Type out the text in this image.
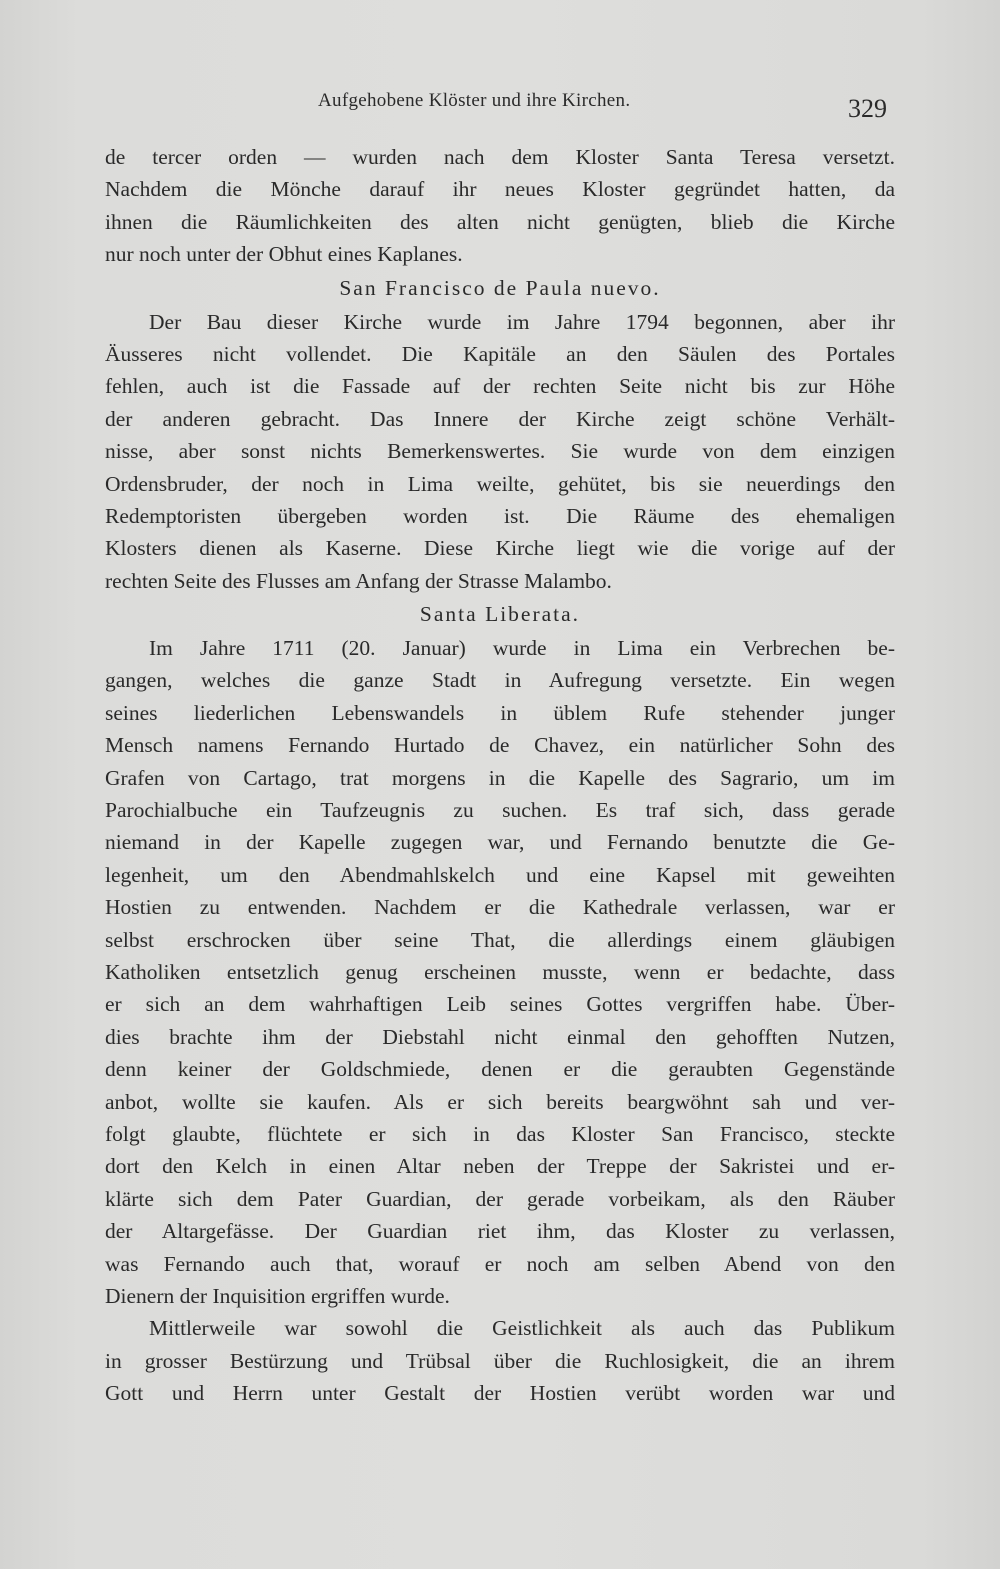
Aufgehobene Klöster und ihre Kirchen.	329
de tercer orden — wurden nach dem Kloster Santa Teresa versetzt.
Nachdem die Mönche darauf ihr neues Kloster gegründet hatten, da
ihnen die Räumlichkeiten des alten nicht genügten, blieb die Kirche
nur noch unter der Obhut eines Kaplanes.
San Francisco de Paula nuevo.
Der Bau dieser Kirche wurde im Jahre 1794 begonnen, aber ihr
Äusseres nicht vollendet. Die Kapitäle an den Säulen des Portales
fehlen, auch ist die Fassade auf der rechten Seite nicht bis zur Höhe
der anderen gebracht. Das Innere der Kirche zeigt schöne Verhält-
nisse, aber sonst nichts Bemerkenswertes. Sie wurde von dem einzigen
Ordensbruder, der noch in Lima weilte, gehütet, bis sie neuerdings den
Redemptoristen übergeben worden ist. Die Räume des ehemaligen
Klosters dienen als Kaserne. Diese Kirche liegt wie die vorige auf der
rechten Seite des Flusses am Anfang der Strasse Malambo.
Santa Liberata.
Im Jahre 1711 (20. Januar) wurde in Lima ein Verbrechen be-
gangen, welches die ganze Stadt in Aufregung versetzte. Ein wegen
seines liederlichen Lebenswandels in üblem Rufe stehender junger
Mensch namens Fernando Hurtado de Chavez, ein natürlicher Sohn des
Grafen von Cartago, trat morgens in die Kapelle des Sagrario, um im
Parochialbuche ein Taufzeugnis zu suchen. Es traf sich, dass gerade
niemand in der Kapelle zugegen war, und Fernando benutzte die Ge-
legenheit, um den Abendmahlskelch und eine Kapsel mit geweihten
Hostien zu entwenden. Nachdem er die Kathedrale verlassen, war er
selbst erschrocken über seine That, die allerdings einem gläubigen
Katholiken entsetzlich genug erscheinen musste, wenn er bedachte, dass
er sich an dem wahrhaftigen Leib seines Gottes vergriffen habe. Über-
dies brachte ihm der Diebstahl nicht einmal den gehofften Nutzen,
denn keiner der Goldschmiede, denen er die geraubten Gegenstände
anbot, wollte sie kaufen. Als er sich bereits beargwöhnt sah und ver-
folgt glaubte, flüchtete er sich in das Kloster San Francisco, steckte
dort den Kelch in einen Altar neben der Treppe der Sakristei und er-
klärte sich dem Pater Guardian, der gerade vorbeikam, als den Räuber
der Altargefässe. Der Guardian riet ihm, das Kloster zu verlassen,
was Fernando auch that, worauf er noch am selben Abend von den
Dienern der Inquisition ergriffen wurde.
Mittlerweile war sowohl die Geistlichkeit als auch das Publikum
in grosser Bestürzung und Trübsal über die Ruchlosigkeit, die an ihrem
Gott und Herrn unter Gestalt der Hostien verübt worden war und
